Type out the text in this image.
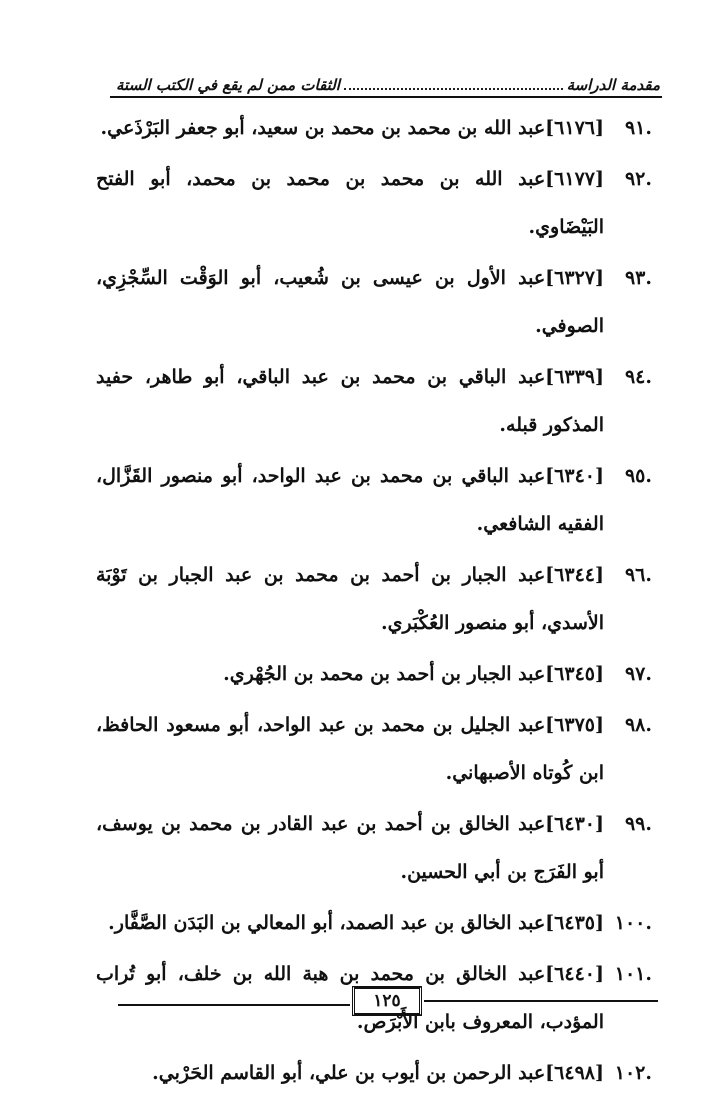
مقدمة الدراسة
الثقات ممن لم يقع في الكتب الستة
.٩١
[٦١٧٦]عبد الله بن محمد بن محمد بن سعيد، أبو جعفر البَرْذَعي.
.٩٢
[٦١٧٧]عبد الله بن محمد بن محمد بن محمد، أبو الفتح البَيْضَاوي.
.٩٣
[٦٣٢٧]عبد الأول بن عيسى بن شُعيب، أبو الوَقْت السِّجْزِي، الصوفي.
.٩٤
[٦٣٣٩]عبد الباقي بن محمد بن عبد الباقي، أبو طاهر، حفيد المذكور قبله.
.٩٥
[٦٣٤٠]عبد الباقي بن محمد بن عبد الواحد، أبو منصور القَزَّال، الفقيه الشافعي.
.٩٦
[٦٣٤٤]عبد الجبار بن أحمد بن محمد بن عبد الجبار بن تَوْبَة الأسدي، أبو منصور العُكْبَري.
.٩٧
[٦٣٤٥]عبد الجبار بن أحمد بن محمد بن الجُهْري.
.٩٨
[٦٣٧٥]عبد الجليل بن محمد بن عبد الواحد، أبو مسعود الحافظ، ابن كُوتاه الأصبهاني.
.٩٩
[٦٤٣٠]عبد الخالق بن أحمد بن عبد القادر بن محمد بن يوسف، أبو الفَرَج بن أبي الحسين.
.١٠٠
[٦٤٣٥]عبد الخالق بن عبد الصمد، أبو المعالي بن البَدَن الصَّفَّار.
.١٠١
[٦٤٤٠]عبد الخالق بن محمد بن هبة الله بن خلف، أبو تُراب المؤدب، المعروف بابن الأَبْرَص.
.١٠٢
[٦٤٩٨]عبد الرحمن بن أيوب بن علي، أبو القاسم الحَرْبي.
١٢٥
